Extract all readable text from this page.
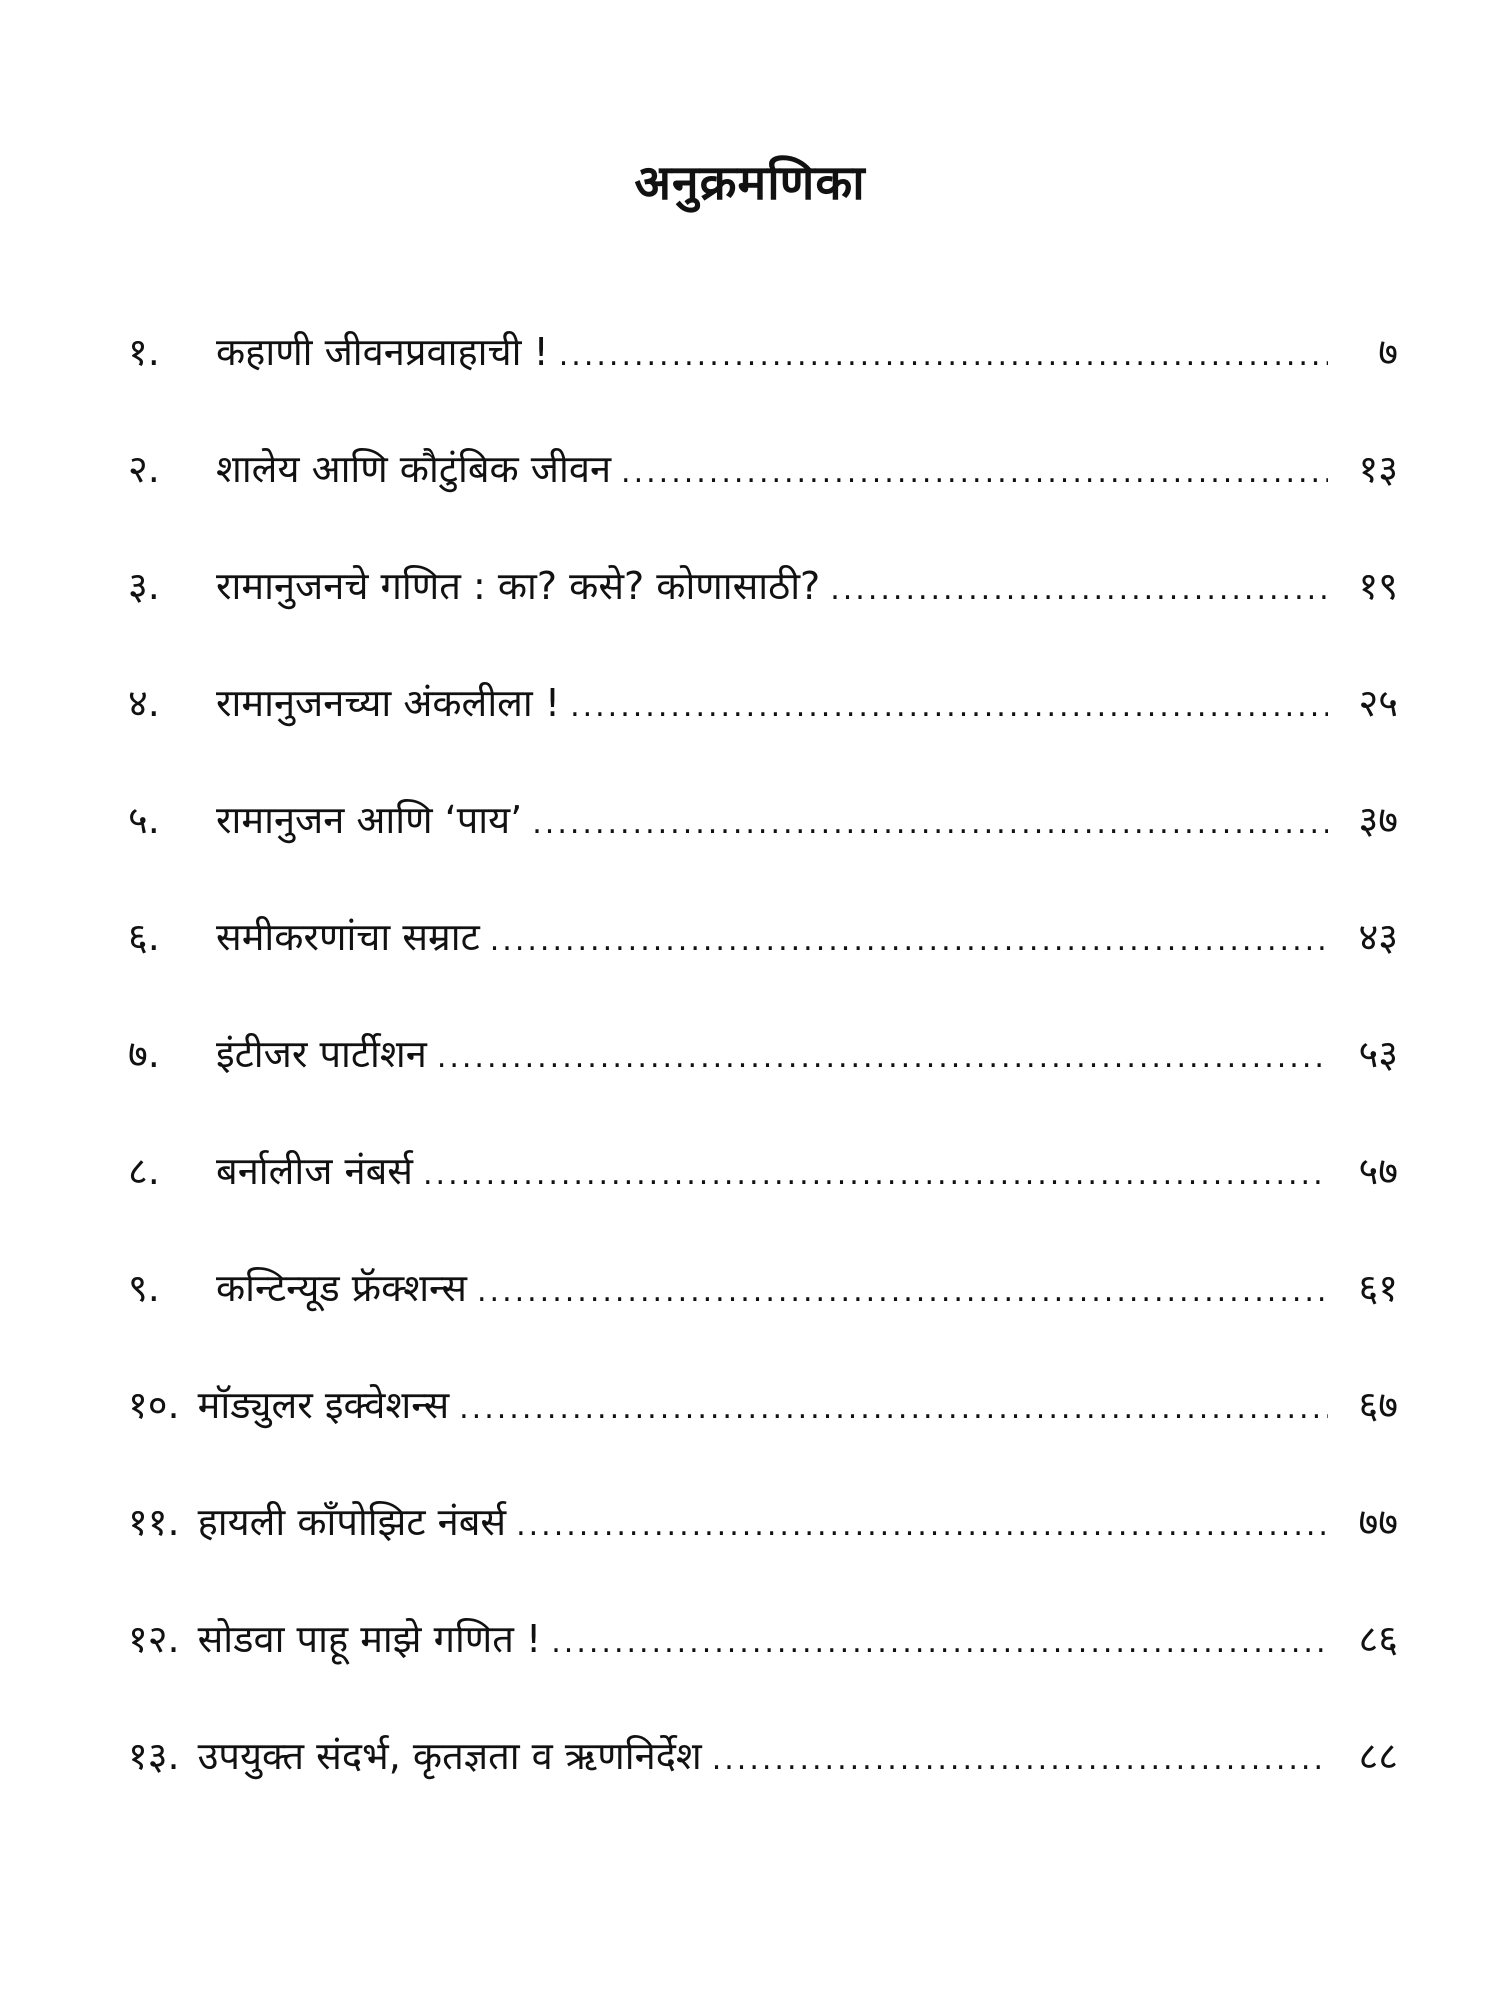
अनुक्रमणिका
१.	कहाणी जीवनप्रवाहाची ! .....	७
२.	शालेय आणि कौटुंबिक जीवन .....	१३
३.	रामानुजनचे गणित : का? कसे? कोणासाठी? .....	१९
४.	रामानुजनच्या अंकलीला ! .....	२५
५.	रामानुजन आणि ‘पाय’ .....	३७
६.	समीकरणांचा सम्राट .....	४३
७.	इंटीजर पार्टीशन .....	५३
८.	बर्नालीज नंबर्स .....	५७
९.	कन्टिन्यूड फ्रॅक्शन्स .....	६१
१०. मॉड्युलर इक्वेशन्स .....	६७
११. हायली कॉंपोझिट नंबर्स .....	७७
१२. सोडवा पाहू माझे गणित ! .....	८६
१३. उपयुक्त संदर्भ, कृतज्ञता व ऋणनिर्देश .....	८८
